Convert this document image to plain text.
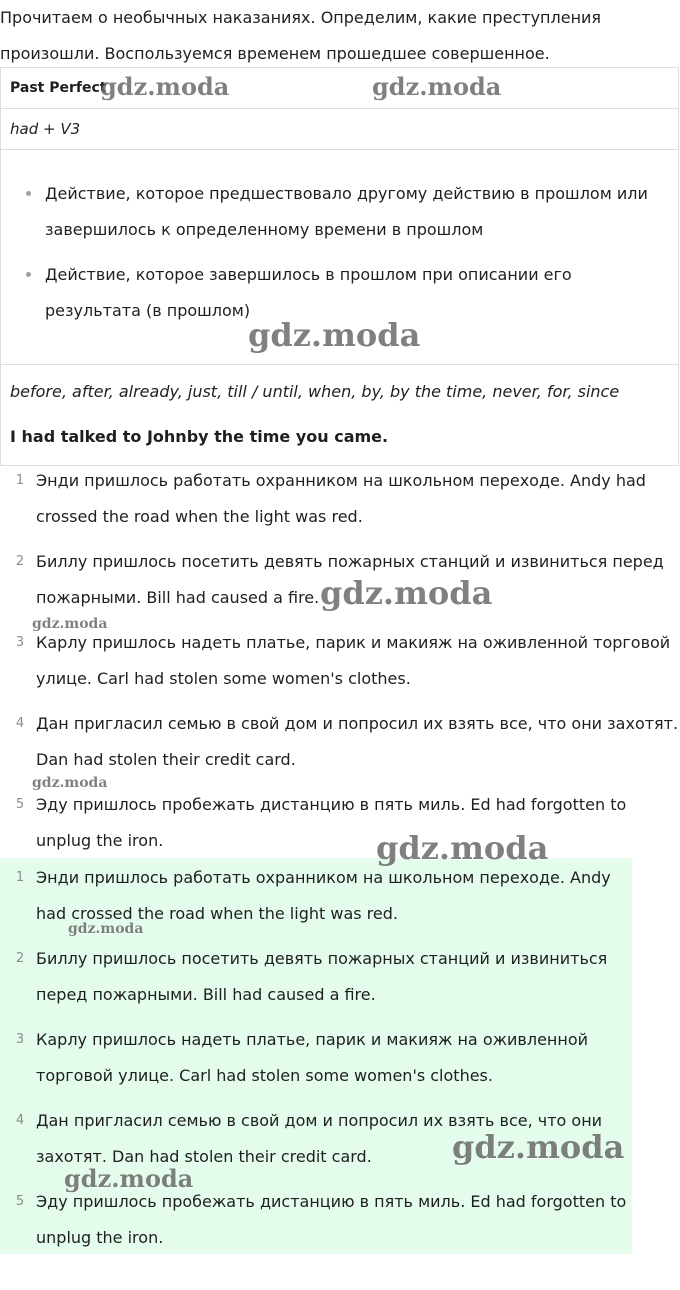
Прочитаем о необычных наказаниях. Определим, какие преступления произошли. Воспользуемся временем прошедшее совершенное.
Past Perfect
had + V3
Действие, которое предшествовало другому действию в прошлом или завершилось к определенному времени в прошлом
Действие, которое завершилось в прошлом при описании его результата (в прошлом)
before, after, already, just, till / until, when, by, by the time, never, for, since
I had talked to Johnby the time you came.
1 Энди пришлось работать охранником на школьном переходе. Andy had crossed the road when the light was red.
2 Биллу пришлось посетить девять пожарных станций и извиниться перед пожарными. Bill had caused a fire.
3 Карлу пришлось надеть платье, парик и макияж на оживленной торговой улице. Carl had stolen some women's clothes.
4 Дан пригласил семью в свой дом и попросил их взять все, что они захотят. Dan had stolen their credit card.
5 Эду пришлось пробежать дистанцию в пять миль. Ed had forgotten to unplug the iron.
1 Энди пришлось работать охранником на школьном переходе. Andy had crossed the road when the light was red.
2 Биллу пришлось посетить девять пожарных станций и извиниться перед пожарными. Bill had caused a fire.
3 Карлу пришлось надеть платье, парик и макияж на оживленной торговой улице. Carl had stolen some women's clothes.
4 Дан пригласил семью в свой дом и попросил их взять все, что они захотят. Dan had stolen their credit card.
5 Эду пришлось пробежать дистанцию в пять миль. Ed had forgotten to unplug the iron.
gdz.moda	gdz.moda
gdz.moda
gdz.moda
gdz.moda
gdz.moda
gdz.moda
gdz.moda
gdz.moda
gdz.moda
